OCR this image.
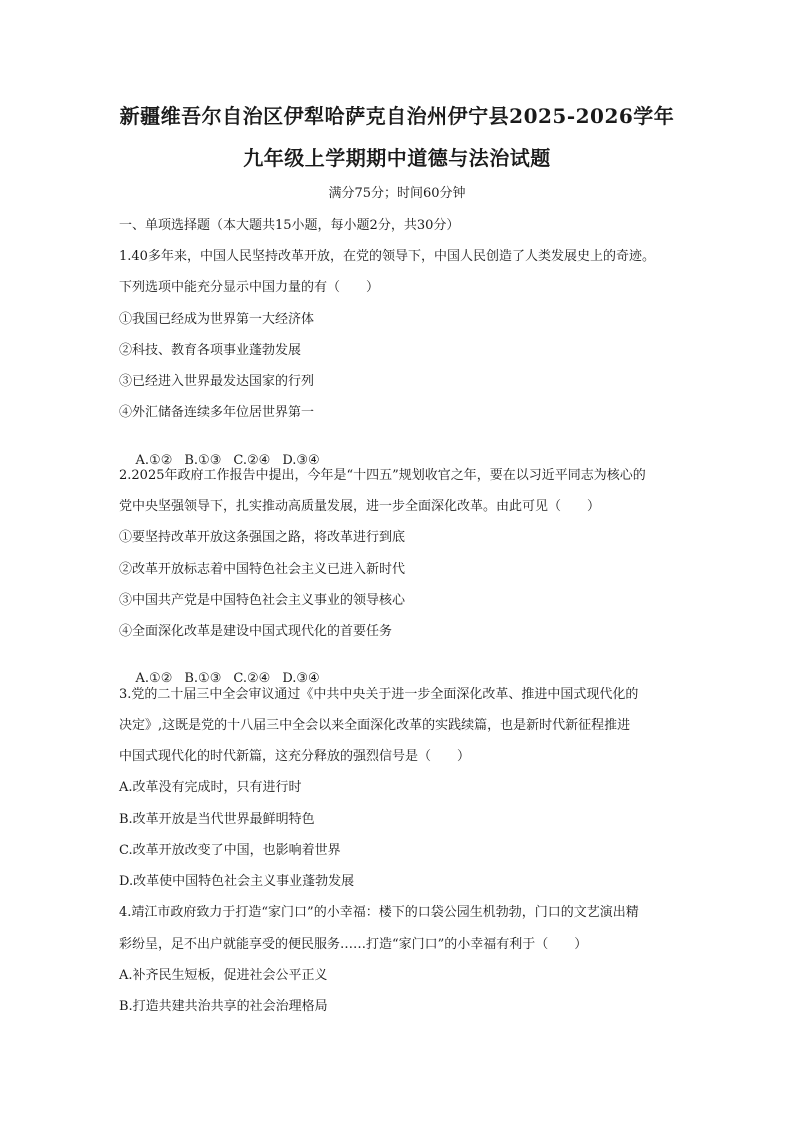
新疆维吾尔自治区伊犁哈萨克自治州伊宁县2025-2026学年
九年级上学期期中道德与法治试题
满分75分；时间60分钟
一、单项选择题（本大题共15小题，每小题2分，共30分）
1.40多年来，中国人民坚持改革开放，在党的领导下，中国人民创造了人类发展史上的奇迹。
下列选项中能充分显示中国力量的有（　　）
①我国已经成为世界第一大经济体
②科技、教育各项事业蓬勃发展
③已经进入世界最发达国家的行列
④外汇储备连续多年位居世界第一

A.①② B.①③ C.②④ D.③④

2.2025年政府工作报告中提出，今年是“十四五”规划收官之年，要在以习近平同志为核心的
党中央坚强领导下，扎实推动高质量发展，进一步全面深化改革。由此可见（　　）
①要坚持改革开放这条强国之路，将改革进行到底
②改革开放标志着中国特色社会主义已进入新时代
③中国共产党是中国特色社会主义事业的领导核心
④全面深化改革是建设中国式现代化的首要任务

A.①② B.①③ C.②④ D.③④

3.党的二十届三中全会审议通过《中共中央关于进一步全面深化改革、推进中国式现代化的
决定》,这既是党的十八届三中全会以来全面深化改革的实践续篇，也是新时代新征程推进
中国式现代化的时代新篇，这充分释放的强烈信号是（　　）
A.改革没有完成时，只有进行时
B.改革开放是当代世界最鲜明特色
C.改革开放改变了中国，也影响着世界
D.改革使中国特色社会主义事业蓬勃发展
4.靖江市政府致力于打造“家门口”的小幸福：楼下的口袋公园生机勃勃，门口的文艺演出精
彩纷呈，足不出户就能享受的便民服务……打造“家门口”的小幸福有利于（　　）
A.补齐民生短板，促进社会公平正义
B.打造共建共治共享的社会治理格局
